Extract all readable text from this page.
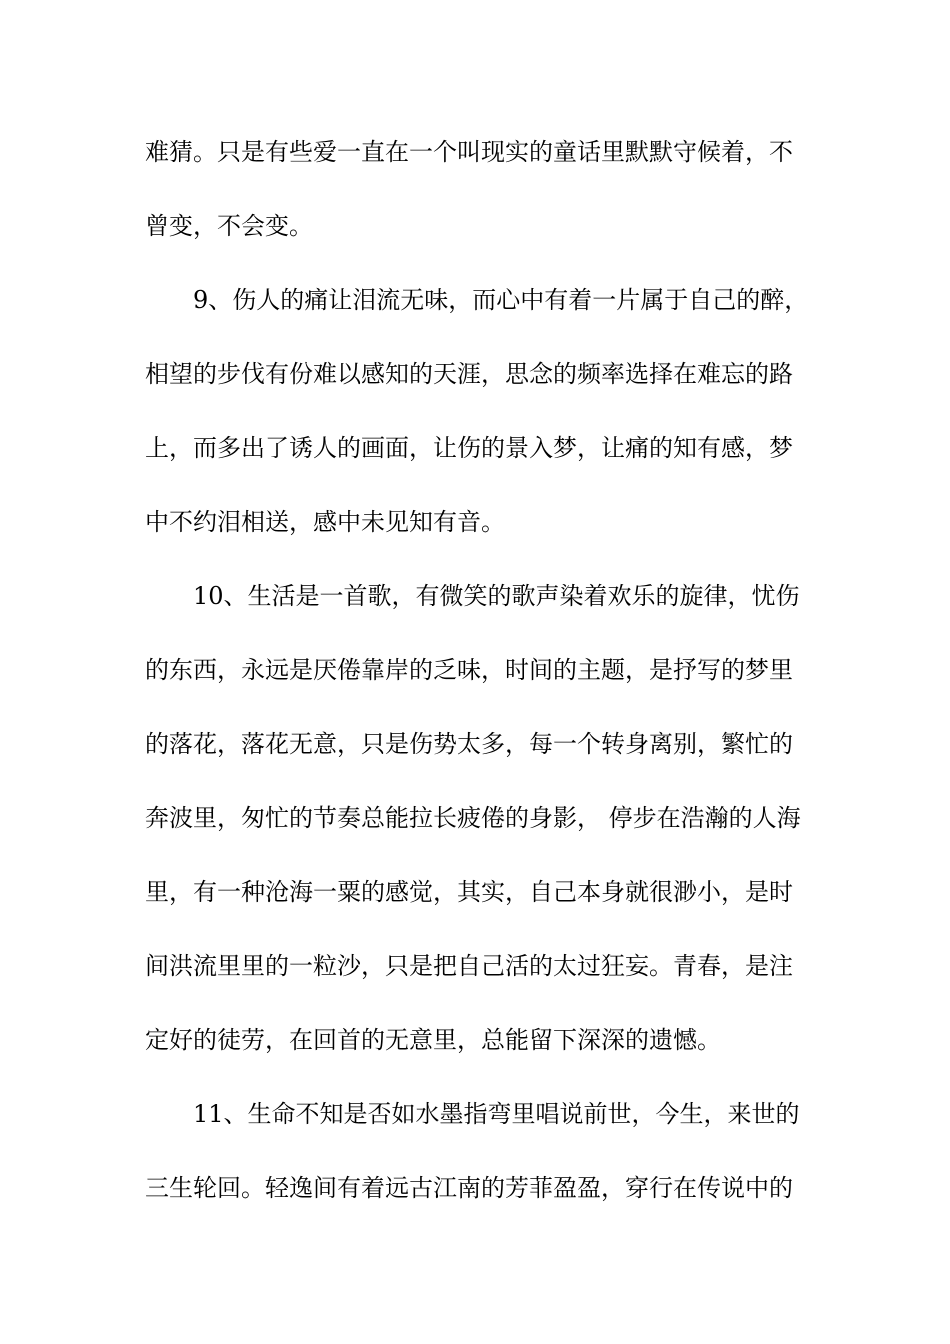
难猜。只是有些爱一直在一个叫现实的童话里默默守候着，不
曾变，不会变。
9、伤人的痛让泪流无味，而心中有着一片属于自己的醉，
相望的步伐有份难以感知的天涯，思念的频率选择在难忘的路
上，而多出了诱人的画面，让伤的景入梦，让痛的知有感，梦
中不约泪相送，感中未见知有音。
10、生活是一首歌，有微笑的歌声染着欢乐的旋律，忧伤
的东西，永远是厌倦靠岸的乏味，时间的主题，是抒写的梦里
的落花，落花无意，只是伤势太多，每一个转身离别，繁忙的
奔波里，匆忙的节奏总能拉长疲倦的身影， 停步在浩瀚的人海
里，有一种沧海一粟的感觉，其实，自己本身就很渺小，是时
间洪流里里的一粒沙，只是把自己活的太过狂妄。青春，是注
定好的徒劳，在回首的无意里，总能留下深深的遗憾。
11、生命不知是否如水墨指弯里唱说前世，今生，来世的
三生轮回。轻逸间有着远古江南的芳菲盈盈，穿行在传说中的
